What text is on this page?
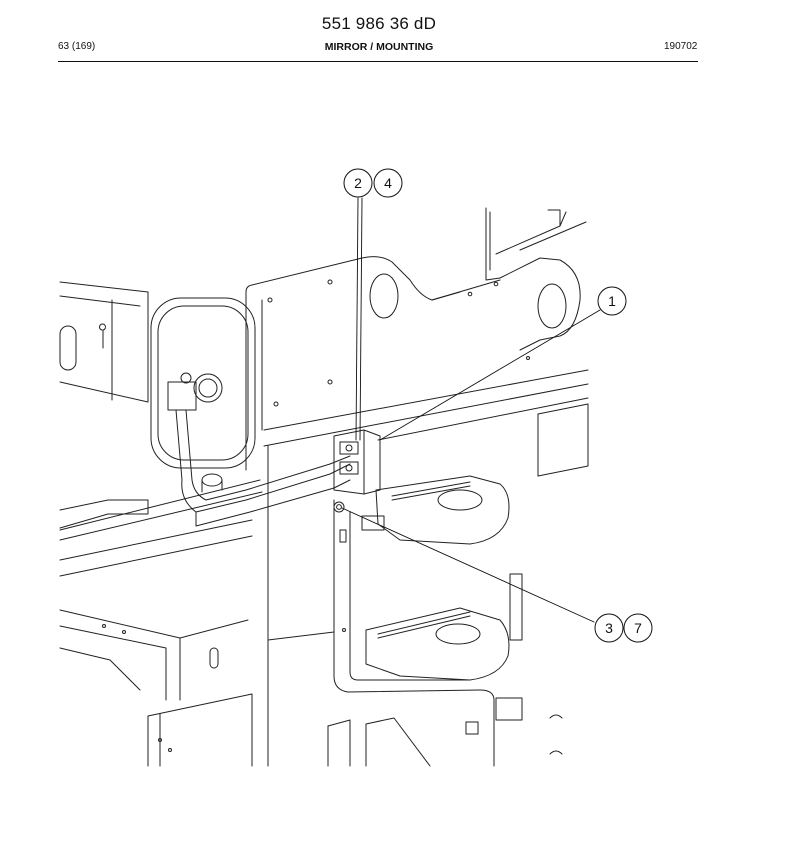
551 986 36 dD
63 (169)	MIRROR / MOUNTING	190702
2 4
1
3 7
